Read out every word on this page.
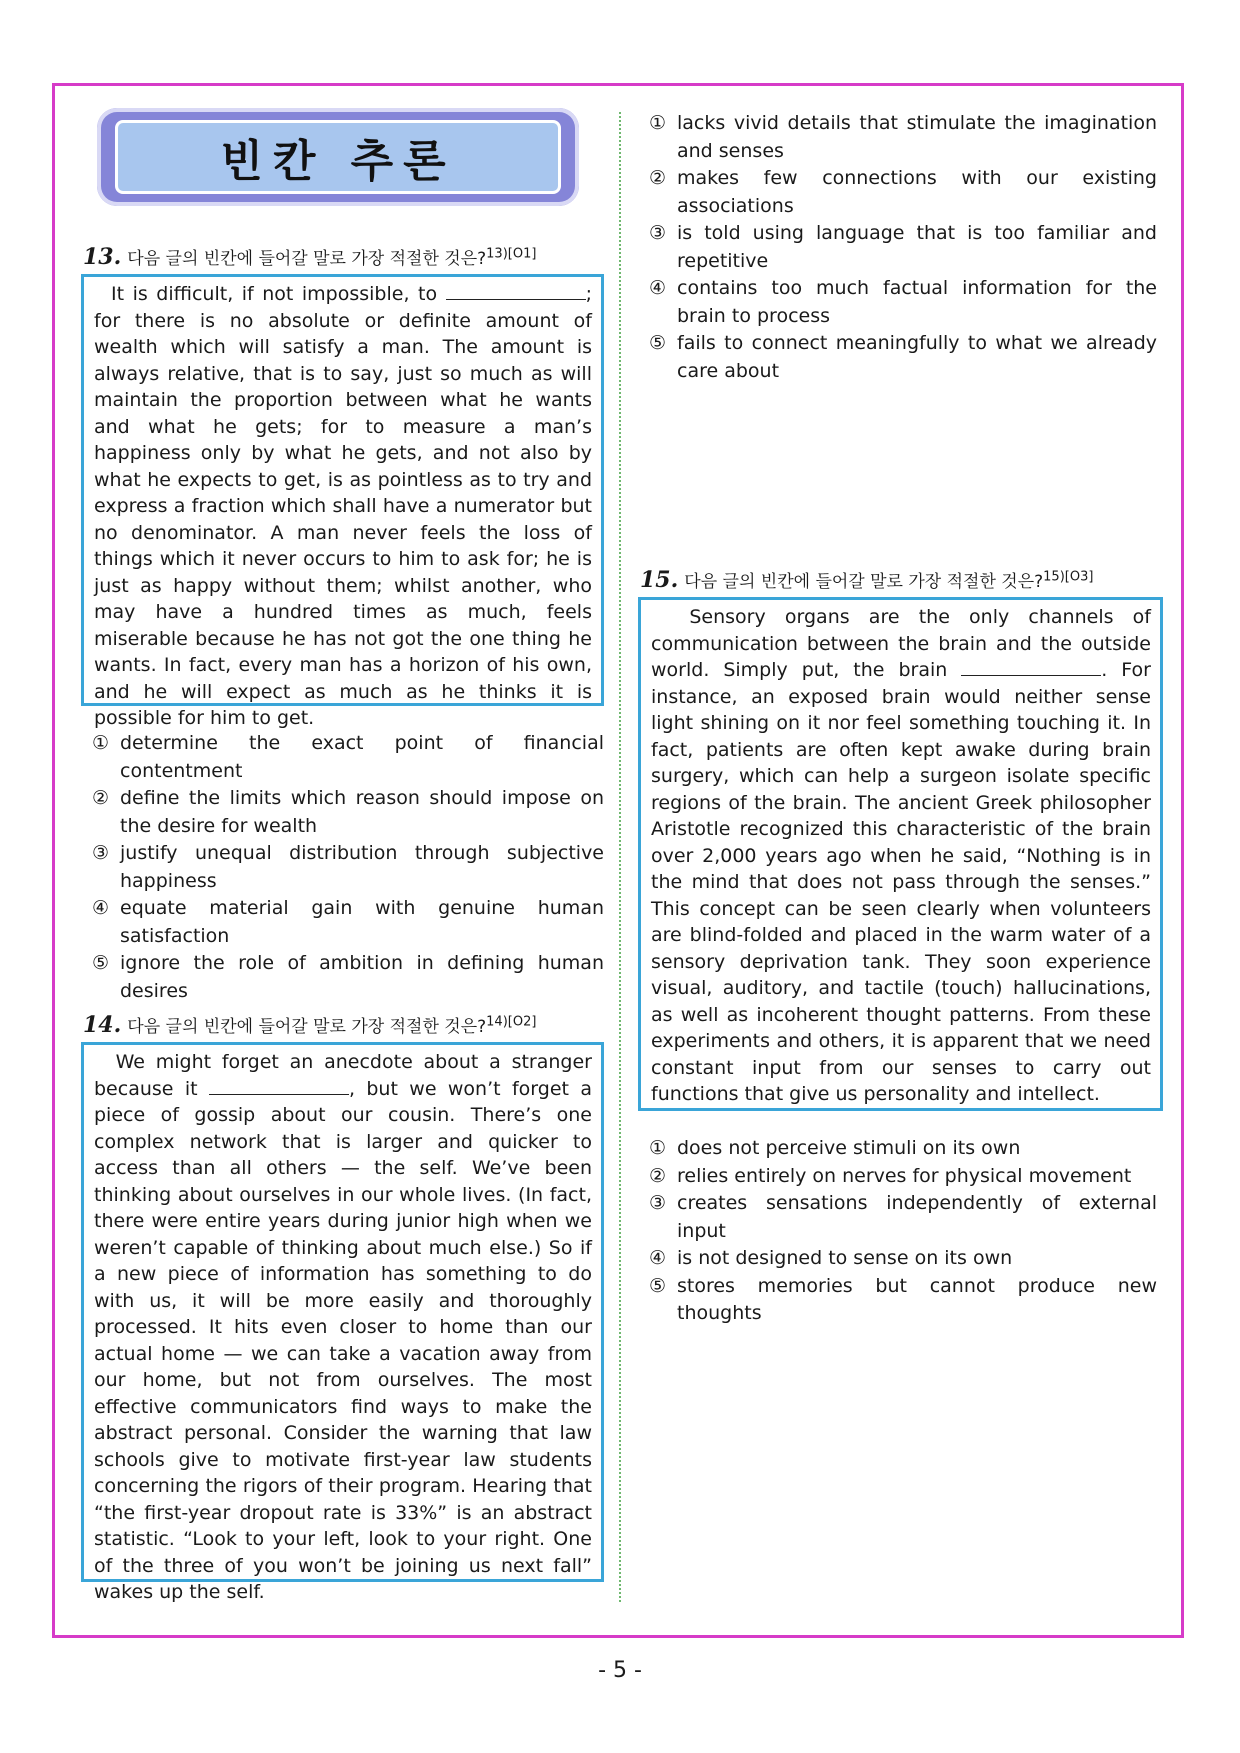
빈칸 추론
13. 다음 글의 빈칸에 들어갈 말로 가장 적절한 것은?$^{13)[O1]}$
It is difficult, if not impossible, to	; for there is no absolute or definite amount of wealth which will satisfy a man. The amount is always relative, that is to say, just so much as will maintain the proportion between what he wants and what he gets; for to measure a man’s happiness only by what he gets, and not also by what he expects to get, is as pointless as to try and express a fraction which shall have a numerator but no denominator. A man never feels the loss of things which it never occurs to him to ask for; he is just as happy without them; whilst another, who may have a hundred times as much, feels miserable because he has not got the one thing he wants. In fact, every man has a horizon of his own, and he will expect as much as he thinks it is possible for him to get.
① determine the exact point of financial contentment
② define the limits which reason should impose on the desire for wealth
③ justify unequal distribution through subjective happiness
④ equate material gain with genuine human satisfaction
⑤ ignore the role of ambition in defining human desires
14. 다음 글의 빈칸에 들어갈 말로 가장 적절한 것은?$^{14)[O2]}$
We might forget an anecdote about a stranger because it	, but we won’t forget a piece of gossip about our cousin. There’s one complex network that is larger and quicker to access than all others — the self. We’ve been thinking about ourselves in our whole lives. (In fact, there were entire years during junior high when we weren’t capable of thinking about much else.) So if a new piece of information has something to do with us, it will be more easily and thoroughly processed. It hits even closer to home than our actual home — we can take a vacation away from our home, but not from ourselves. The most effective communicators find ways to make the abstract personal. Consider the warning that law schools give to motivate first-year law students concerning the rigors of their program. Hearing that “the first-year dropout rate is 33%” is an abstract statistic. “Look to your left, look to your right. One of the three of you won’t be joining us next fall” wakes up the self.
① lacks vivid details that stimulate the imagination and senses
② makes few connections with our existing associations
③ is told using language that is too familiar and repetitive
④ contains too much factual information for the brain to process
⑤ fails to connect meaningfully to what we already care about
15. 다음 글의 빈칸에 들어갈 말로 가장 적절한 것은?$^{15)[O3]}$
Sensory organs are the only channels of communication between the brain and the outside world. Simply put, the brain	. For instance, an exposed brain would neither sense light shining on it nor feel something touching it. In fact, patients are often kept awake during brain surgery, which can help a surgeon isolate specific regions of the brain. The ancient Greek philosopher Aristotle recognized this characteristic of the brain over 2,000 years ago when he said, “Nothing is in the mind that does not pass through the senses.” This concept can be seen clearly when volunteers are blind-folded and placed in the warm water of a sensory deprivation tank. They soon experience visual, auditory, and tactile (touch) hallucinations, as well as incoherent thought patterns. From these experiments and others, it is apparent that we need constant input from our senses to carry out functions that give us personality and intellect.
① does not perceive stimuli on its own
② relies entirely on nerves for physical movement
③ creates sensations independently of external input
④ is not designed to sense on its own
⑤ stores memories but cannot produce new thoughts
- 5 -
